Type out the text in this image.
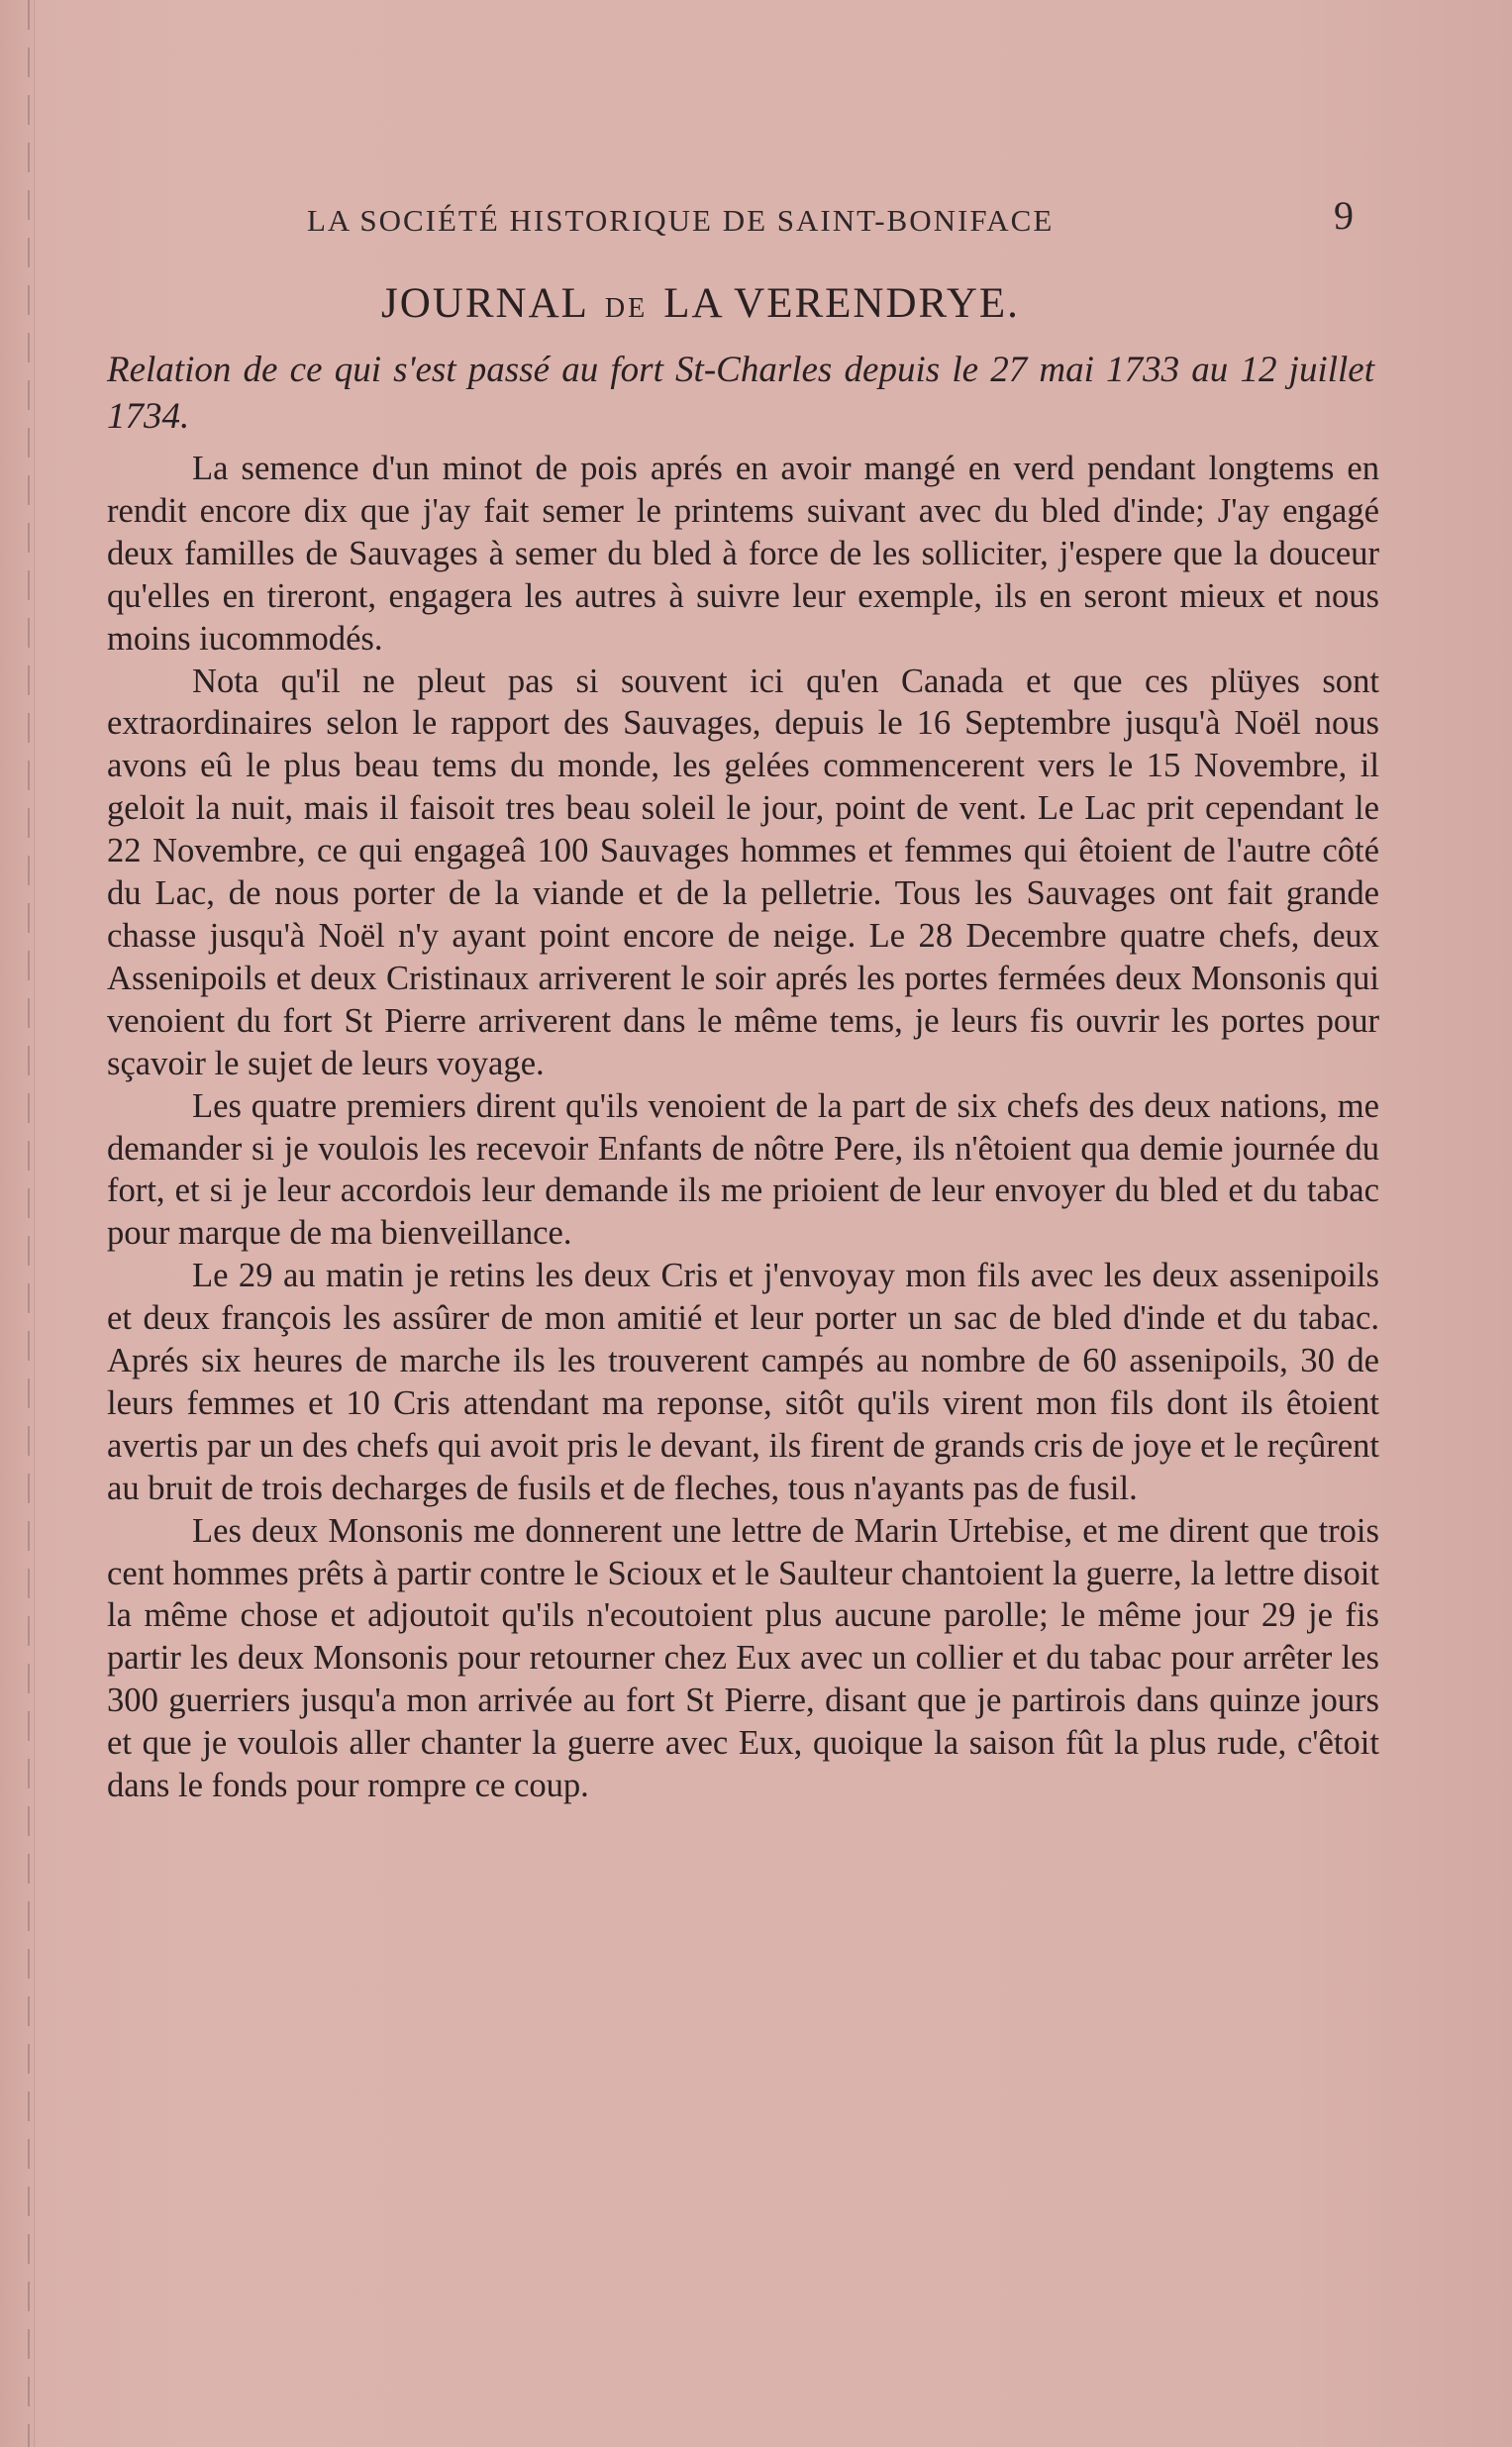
LA SOCIÉTÉ HISTORIQUE DE SAINT-BONIFACE	9
JOURNAL DE LA VERENDRYE.
Relation de ce qui s'est passé au fort St-Charles depuis le 27 mai 1733 au 12 juillet 1734.

La semence d'un minot de pois aprés en avoir mangé en verd pendant longtems en rendit encore dix que j'ay fait semer le printems suivant avec du bled d'inde; J'ay engagé deux familles de Sauvages à semer du bled à force de les solliciter, j'espere que la douceur qu'elles en tireront, engagera les autres à suivre leur exemple, ils en seront mieux et nous moins iucommodés.

Nota qu'il ne pleut pas si souvent ici qu'en Canada et que ces plüyes sont extraordinaires selon le rapport des Sauvages, depuis le 16 Septembre jusqu'à Noël nous avons eû le plus beau tems du monde, les gelées commencerent vers le 15 Novembre, il geloit la nuit, mais il faisoit tres beau soleil le jour, point de vent. Le Lac prit cependant le 22 Novembre, ce qui engageâ 100 Sauvages hommes et femmes qui êtoient de l'autre côté du Lac, de nous porter de la viande et de la pelletrie. Tous les Sauvages ont fait grande chasse jusqu'à Noël n'y ayant point encore de neige. Le 28 Decembre quatre chefs, deux Assenipoils et deux Cristinaux arriverent le soir aprés les portes fermées deux Monsonis qui venoient du fort St Pierre arriverent dans le même tems, je leurs fis ouvrir les portes pour sçavoir le sujet de leurs voyage.

Les quatre premiers dirent qu'ils venoient de la part de six chefs des deux nations, me demander si je voulois les recevoir Enfants de nôtre Pere, ils n'êtoient qua demie journée du fort, et si je leur accordois leur demande ils me prioient de leur envoyer du bled et du tabac pour marque de ma bienveillance.

Le 29 au matin je retins les deux Cris et j'envoyay mon fils avec les deux assenipoils et deux françois les assûrer de mon amitié et leur porter un sac de bled d'inde et du tabac. Aprés six heures de marche ils les trouverent campés au nombre de 60 assenipoils, 30 de leurs femmes et 10 Cris attendant ma reponse, sitôt qu'ils virent mon fils dont ils êtoient avertis par un des chefs qui avoit pris le devant, ils firent de grands cris de joye et le reçûrent au bruit de trois decharges de fusils et de fleches, tous n'ayants pas de fusil.

Les deux Monsonis me donnerent une lettre de Marin Urtebise, et me dirent que trois cent hommes prêts à partir contre le Scioux et le Saulteur chantoient la guerre, la lettre disoit la même chose et adjoutoit qu'ils n'ecoutoient plus aucune parolle; le même jour 29 je fis partir les deux Monsonis pour retourner chez Eux avec un collier et du tabac pour arrêter les 300 guerriers jusqu'a mon arrivée au fort St Pierre, disant que je partirois dans quinze jours et que je voulois aller chanter la guerre avec Eux, quoique la saison fût la plus rude, c'êtoit dans le fonds pour rompre ce coup.
